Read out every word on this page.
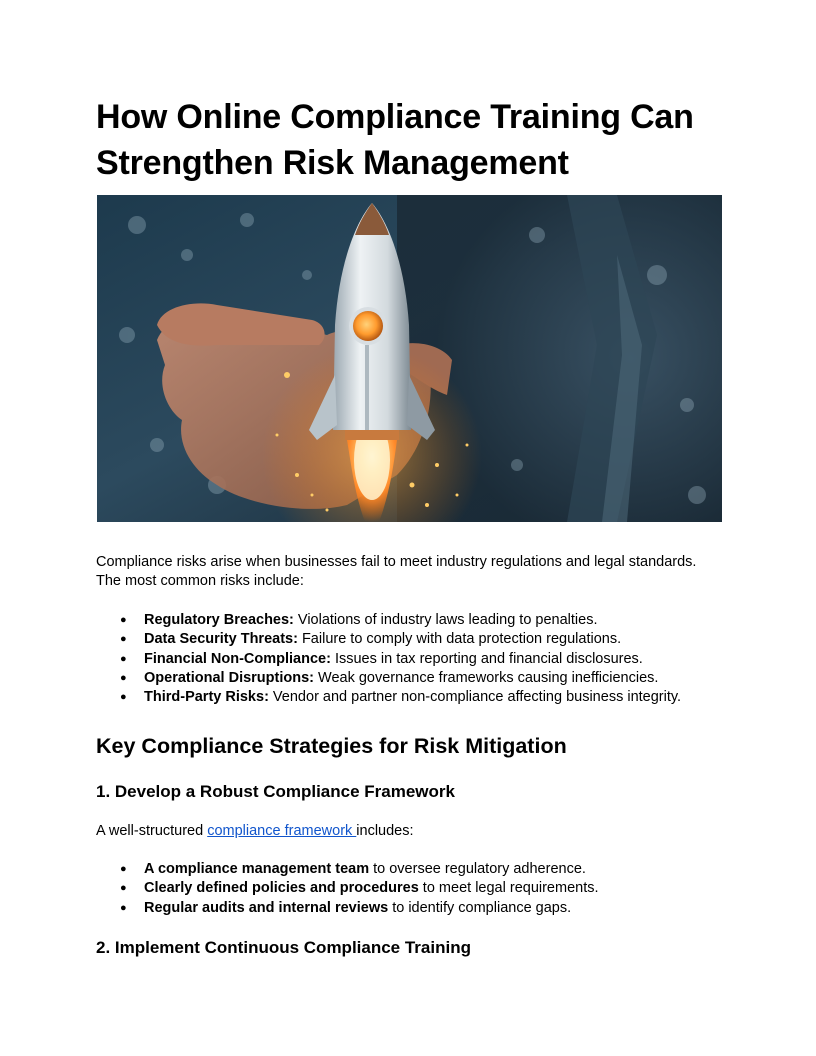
How Online Compliance Training Can
Strengthen Risk Management

Compliance risks arise when businesses fail to meet industry regulations and legal standards. The most common risks include:

● Regulatory Breaches: Violations of industry laws leading to penalties.
● Data Security Threats: Failure to comply with data protection regulations.
● Financial Non-Compliance: Issues in tax reporting and financial disclosures.
● Operational Disruptions: Weak governance frameworks causing inefficiencies.
● Third-Party Risks: Vendor and partner non-compliance affecting business integrity.
Key Compliance Strategies for Risk Mitigation
1. Develop a Robust Compliance Framework

A well-structured compliance framework includes:

● A compliance management team to oversee regulatory adherence.
● Clearly defined policies and procedures to meet legal requirements.
● Regular audits and internal reviews to identify compliance gaps.
2. Implement Continuous Compliance Training
